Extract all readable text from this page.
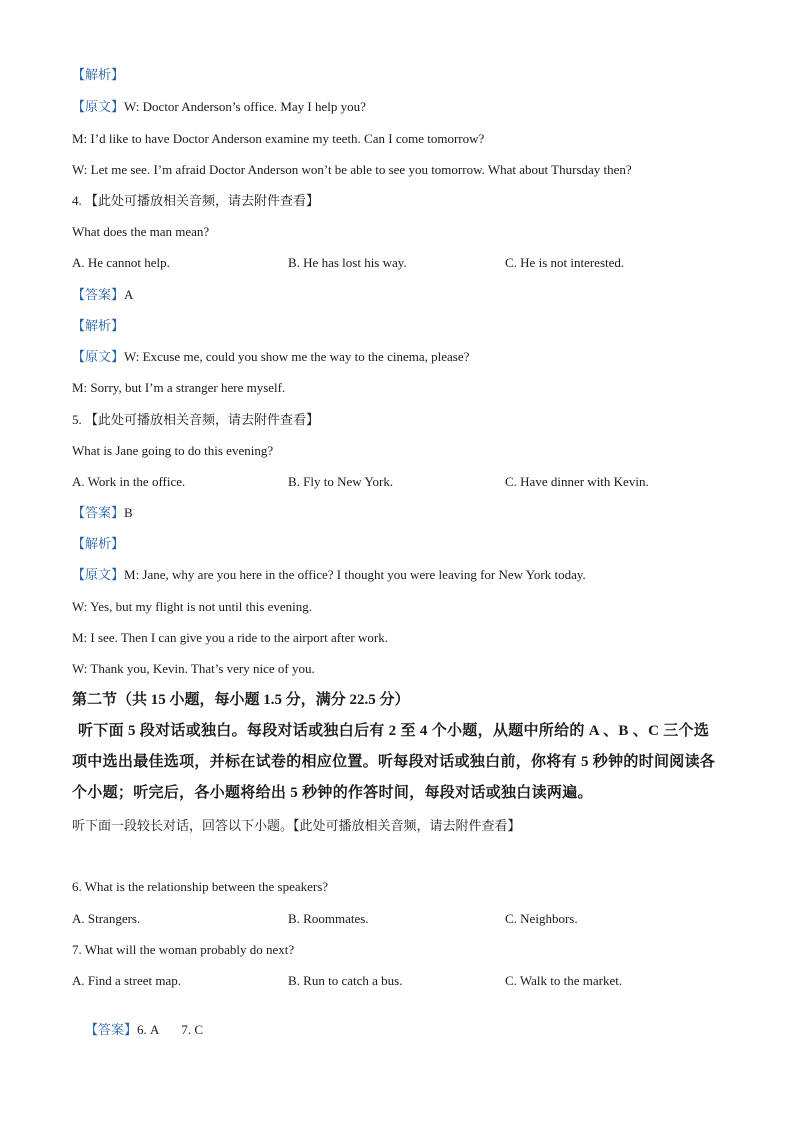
【解析】
【原文】W: Doctor Anderson’s office. May I help you?
M: I’d like to have Doctor Anderson examine my teeth. Can I come tomorrow?
W: Let me see. I’m afraid Doctor Anderson won’t be able to see you tomorrow. What about Thursday then?
4. 【此处可播放相关音频，请去附件查看】
What does the man mean?
A. He cannot help.	B. He has lost his way.	C. He is not interested.
【答案】A
【解析】
【原文】W: Excuse me, could you show me the way to the cinema, please?
M: Sorry, but I’m a stranger here myself.
5. 【此处可播放相关音频，请去附件查看】
What is Jane going to do this evening?
A. Work in the office.	B. Fly to New York.	C. Have dinner with Kevin.
【答案】B
【解析】
【原文】M: Jane, why are you here in the office? I thought you were leaving for New York today.
W: Yes, but my flight is not until this evening.
M: I see. Then I can give you a ride to the airport after work.
W: Thank you, Kevin. That’s very nice of you.
第二节（共 15 小题，每小题 1.5 分，满分 22.5 分）
听下面 5 段对话或独白。每段对话或独白后有 2 至 4 个小题，从题中所给的 A 、B 、C 三个选项中选出最佳选项，并标在试卷的相应位置。听每段对话或独白前，你将有 5 秒钟的时间阅读各个小题；听完后，各小题将给出 5 秒钟的作答时间，每段对话或独白读两遍。
听下面一段较长对话，回答以下小题。【此处可播放相关音频，请去附件查看】
6. What is the relationship between the speakers?
A. Strangers.	B. Roommates.	C. Neighbors.
7. What will the woman probably do next?
A. Find a street map.	B. Run to catch a bus.	C. Walk to the market.

【答案】6. A       7. C
